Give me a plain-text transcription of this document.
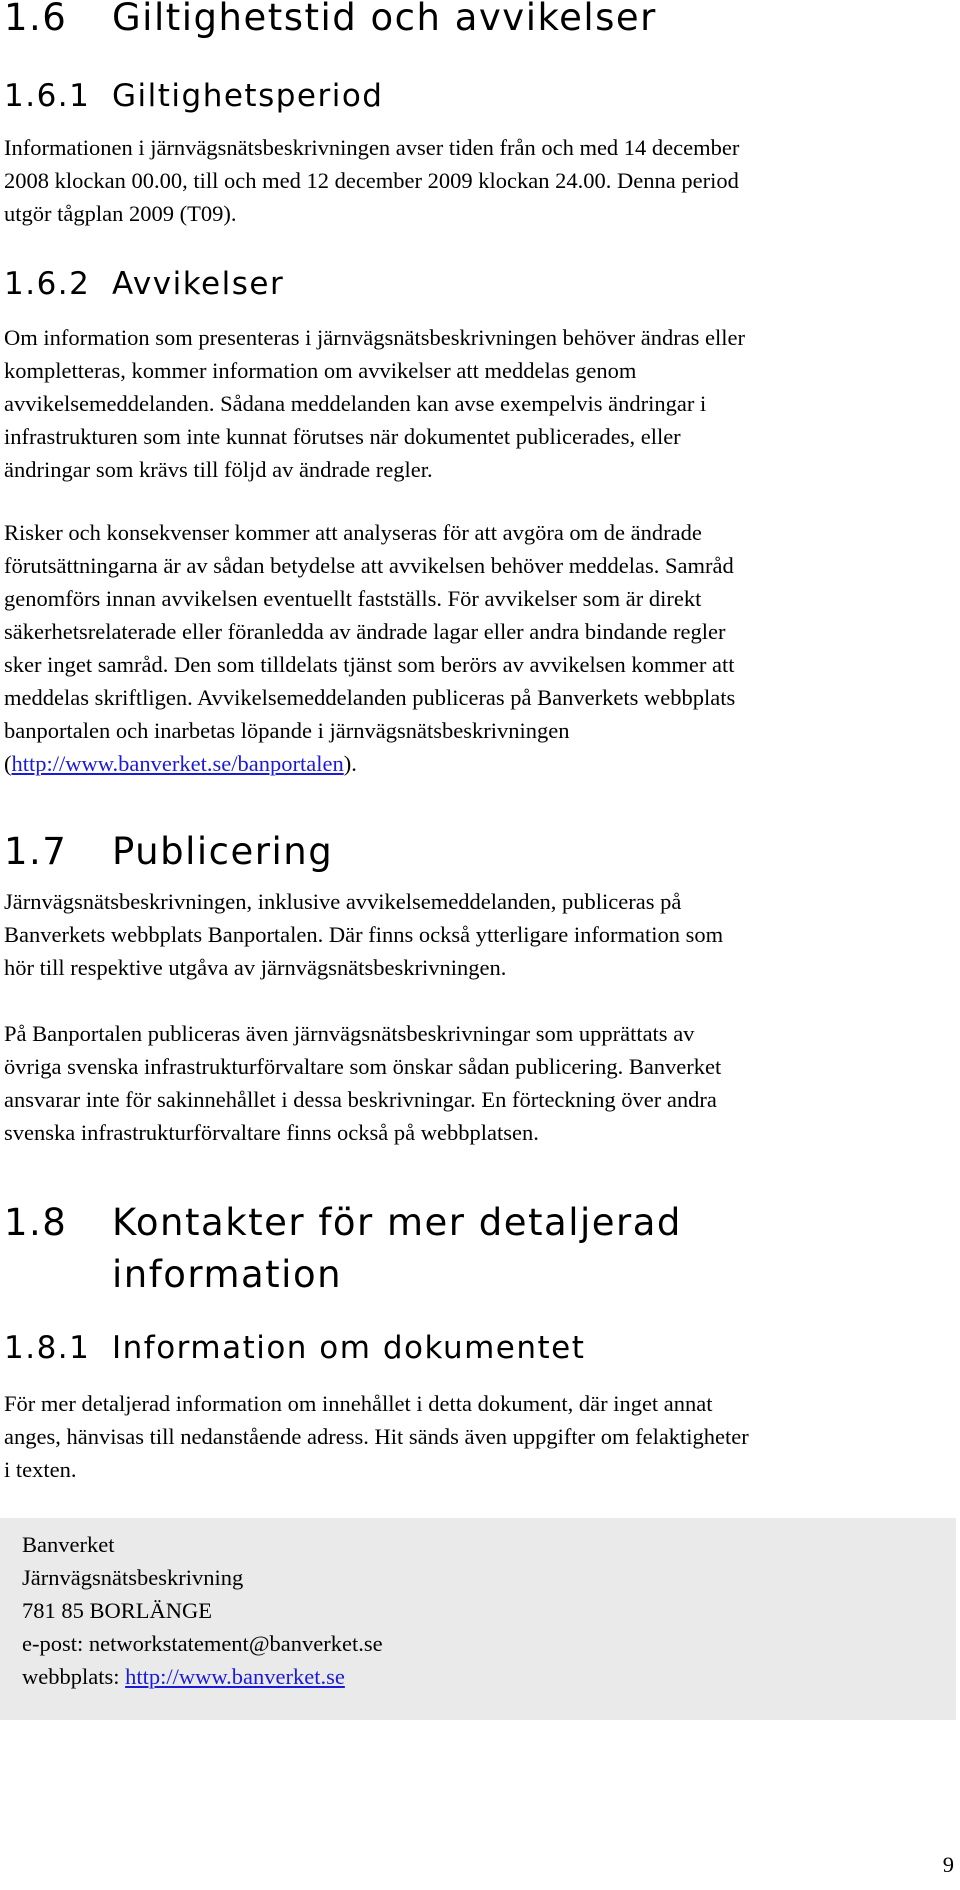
1.6 Giltighetstid och avvikelser
1.6.1 Giltighetsperiod
Informationen i järnvägsnätsbeskrivningen avser tiden från och med 14 december
2008 klockan 00.00, till och med 12 december 2009 klockan 24.00. Denna period
utgör tågplan 2009 (T09).
1.6.2 Avvikelser
Om information som presenteras i järnvägsnätsbeskrivningen behöver ändras eller
kompletteras, kommer information om avvikelser att meddelas genom
avvikelsemeddelanden. Sådana meddelanden kan avse exempelvis ändringar i
infrastrukturen som inte kunnat förutses när dokumentet publicerades, eller
ändringar som krävs till följd av ändrade regler.
Risker och konsekvenser kommer att analyseras för att avgöra om de ändrade
förutsättningarna är av sådan betydelse att avvikelsen behöver meddelas. Samråd
genomförs innan avvikelsen eventuellt fastställs. För avvikelser som är direkt
säkerhetsrelaterade eller föranledda av ändrade lagar eller andra bindande regler
sker inget samråd. Den som tilldelats tjänst som berörs av avvikelsen kommer att
meddelas skriftligen. Avvikelsemeddelanden publiceras på Banverkets webbplats
banportalen och inarbetas löpande i järnvägsnätsbeskrivningen
(http://www.banverket.se/banportalen).
1.7 Publicering
Järnvägsnätsbeskrivningen, inklusive avvikelsemeddelanden, publiceras på
Banverkets webbplats Banportalen. Där finns också ytterligare information som
hör till respektive utgåva av järnvägsnätsbeskrivningen.
På Banportalen publiceras även järnvägsnätsbeskrivningar som upprättats av
övriga svenska infrastrukturförvaltare som önskar sådan publicering. Banverket
ansvarar inte för sakinnehållet i dessa beskrivningar. En förteckning över andra
svenska infrastrukturförvaltare finns också på webbplatsen.
1.8 Kontakter för mer detaljerad information
1.8.1 Information om dokumentet
För mer detaljerad information om innehållet i detta dokument, där inget annat
anges, hänvisas till nedanstående adress. Hit sänds även uppgifter om felaktigheter
i texten.
Banverket
Järnvägsnätsbeskrivning
781 85 BORLÄNGE
e-post: networkstatement@banverket.se
webbplats: http://www.banverket.se
9
